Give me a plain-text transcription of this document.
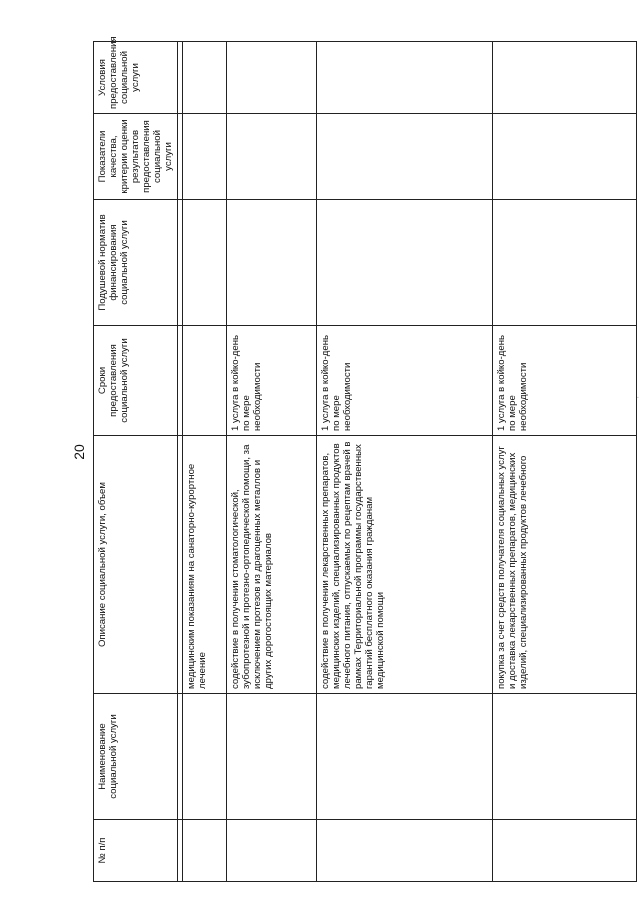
20
-
№ п/п	Наименование социальной услуги	Описание социальной услуги, объем	Сроки предоставления социальной услуги	Подушевой норматив финансирования социальной услуги	Показатели качества, критерии оценки результатов предоставления социальной услуги	Условия предоставления социальной услуги

		медицинским показаниям на санаторно-курортное лечение				
		содействие в получении стоматологической, зубопротезной и протезно-ортопедической помощи, за исключением протезов из драгоценных металлов и других дорогостоящих материалов	1 услуга в койко-день по мере необходимости			
		содействие в получении лекарственных препаратов, медицинских изделий, специализированных продуктов лечебного питания, отпускаемых по рецептам врачей в рамках Территориальной программы государственных гарантий бесплатного оказания гражданам медицинской помощи	1 услуга в койко-день по мере необходимости			
		покупка за счет средств получателя социальных услуг и доставка лекарственных препаратов, медицинских изделий, специализированных продуктов лечебного	1 услуга в койко-день по мере необходимости			
